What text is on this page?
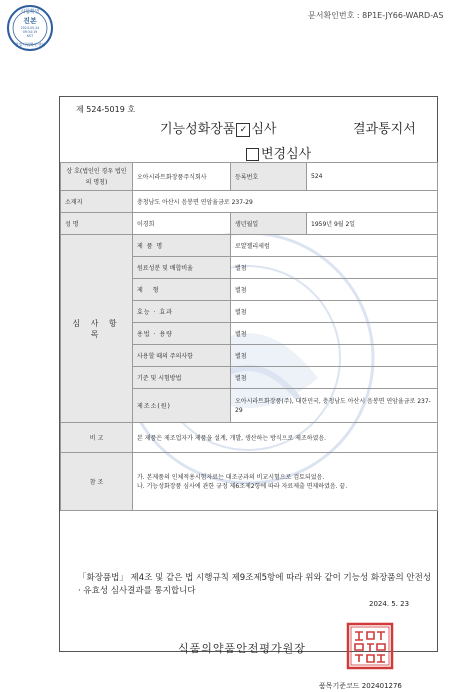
문서확인번호 : 8P1E-JY66-WARD-AS
시험확인
진본
2024-05-24
09:34:19
KST
행정사업확인센터
제 524-5019 호
기능성화장품 ✓ 심사	결과통지서
변경심사
상 호(법인인 경우 법인의 명칭)	오아시라트화장품주식회사	등록번호	524
소재지	충청남도 아산시 음봉면 연암율금로 237-29		
성 명	이경희	생년월일	1959년 9월 2일
심 사 항 목	제 품 명	로얄젤리세럼	
	원료성분 및 배합비율	별첨	
	제 형	별첨	
	효능 · 효과	별첨	
	용법 · 용량	별첨	
	사용할 때의 주의사항	별첨	
	기준 및 시험방법	별첨	
	제조소(원)	오아시라트화장품(주), 대한민국, 충청남도 아산시 음봉면 연암율금로 237-29	
비 고	본 제품은 제조업자가 제품을 설계, 개발, 생산하는 방식으로 제조하였음.		
참 조	가. 본제품의 인체적용시험자료는 대조군과의 비교시험으로 검토되었음.
나. 기능성화장품 심사에 관한 규정 제6조제2항에 따라 자료제출 면제하였음. 끝.		
「화장품법」 제4조 및 같은 법 시행규칙 제9조제5항에 따라 위와 같이 기능성 화장품의 안전성 · 유효성 심사결과를 통지합니다
2024. 5. 23
식품의약품안전평가원장
품목기준코드 202401276
